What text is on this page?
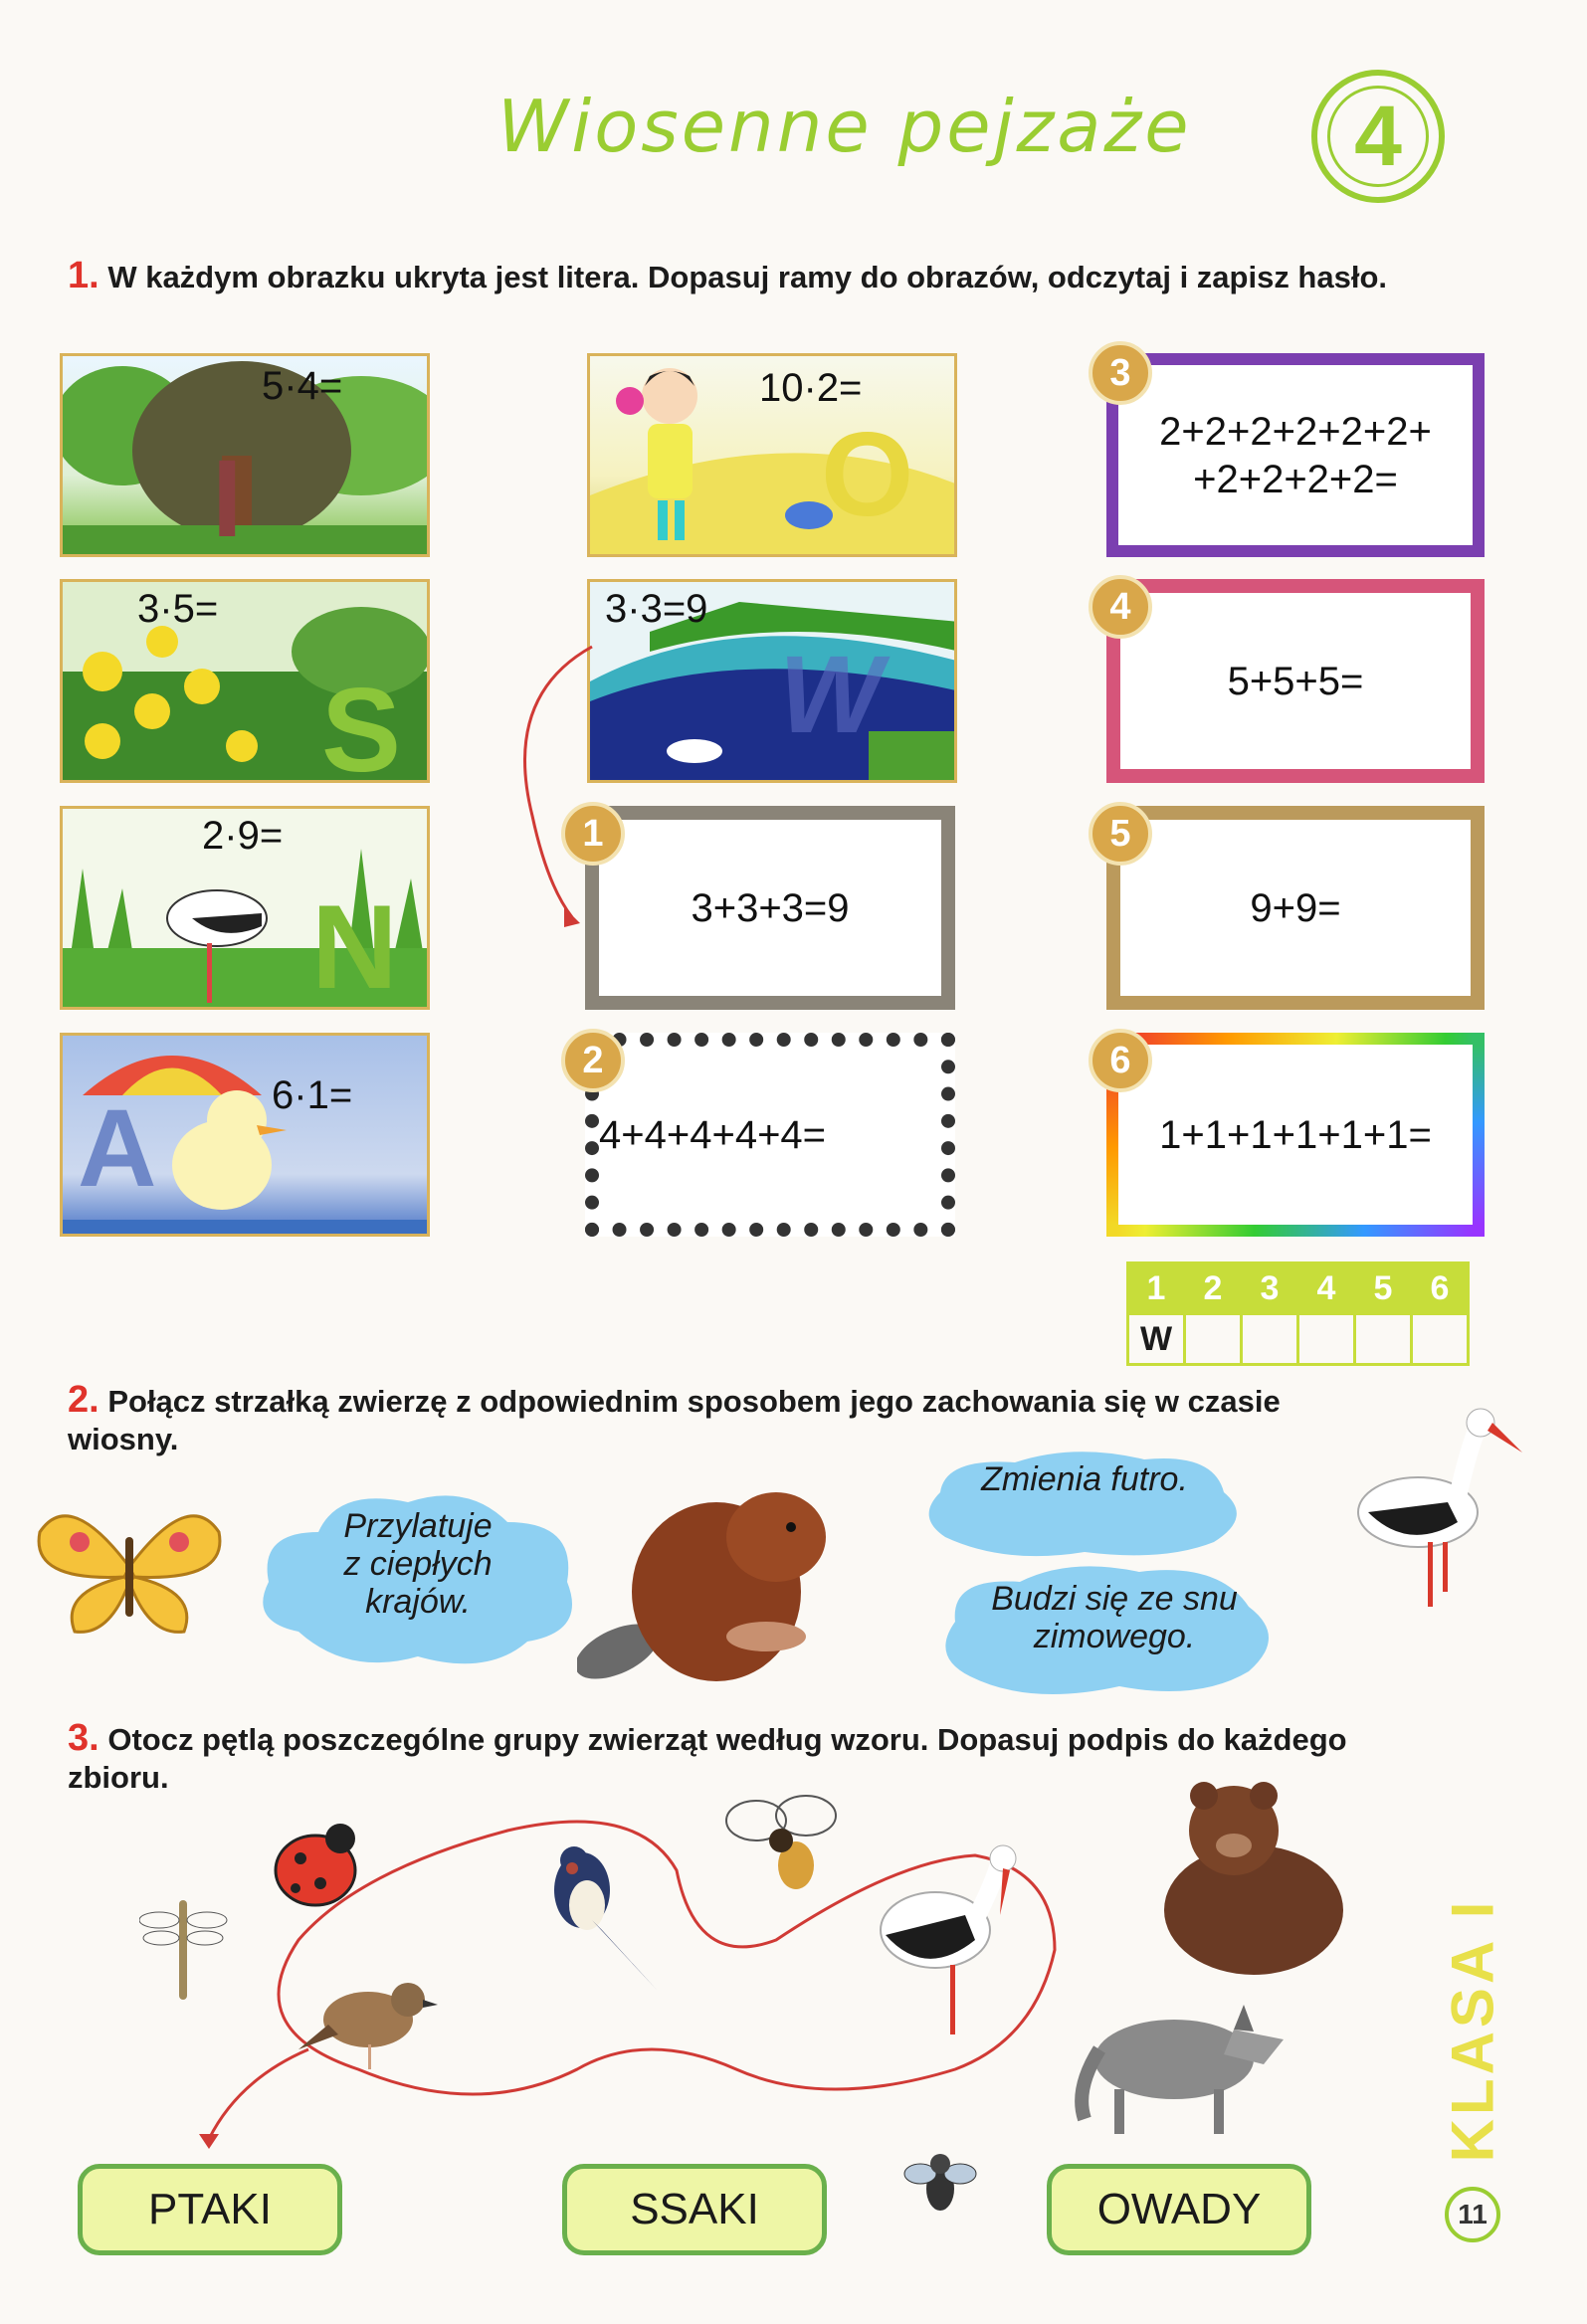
Wiosenne pejzaże	4
1. W każdym obrazku ukryta jest litera. Dopasuj ramy do obrazów, odczytaj i zapisz hasło.
5·4=
I
3·5=
S
2·9=
N
A	6·1=
10·2=
O
3·3=9
W
3+3+3=9
1
4+4+4+4+4=
2
2+2+2+2+2+2+
+2+2+2+2=
3
5+5+5=
4
9+9=
5
1+1+1+1+1+1=
6
1	2	3	4	5	6
W					
2. Połącz strzałką zwierzę z odpowiednim sposobem jego zachowania się w czasie wiosny.
Przylatuje
z ciepłych
krajów.
Zmienia futro.
Budzi się ze snu
zimowego.
3. Otocz pętlą poszczególne grupy zwierząt według wzoru. Dopasuj podpis do każdego zbioru.
PTAKI	SSAKI	OWADY
KLASA I
11
